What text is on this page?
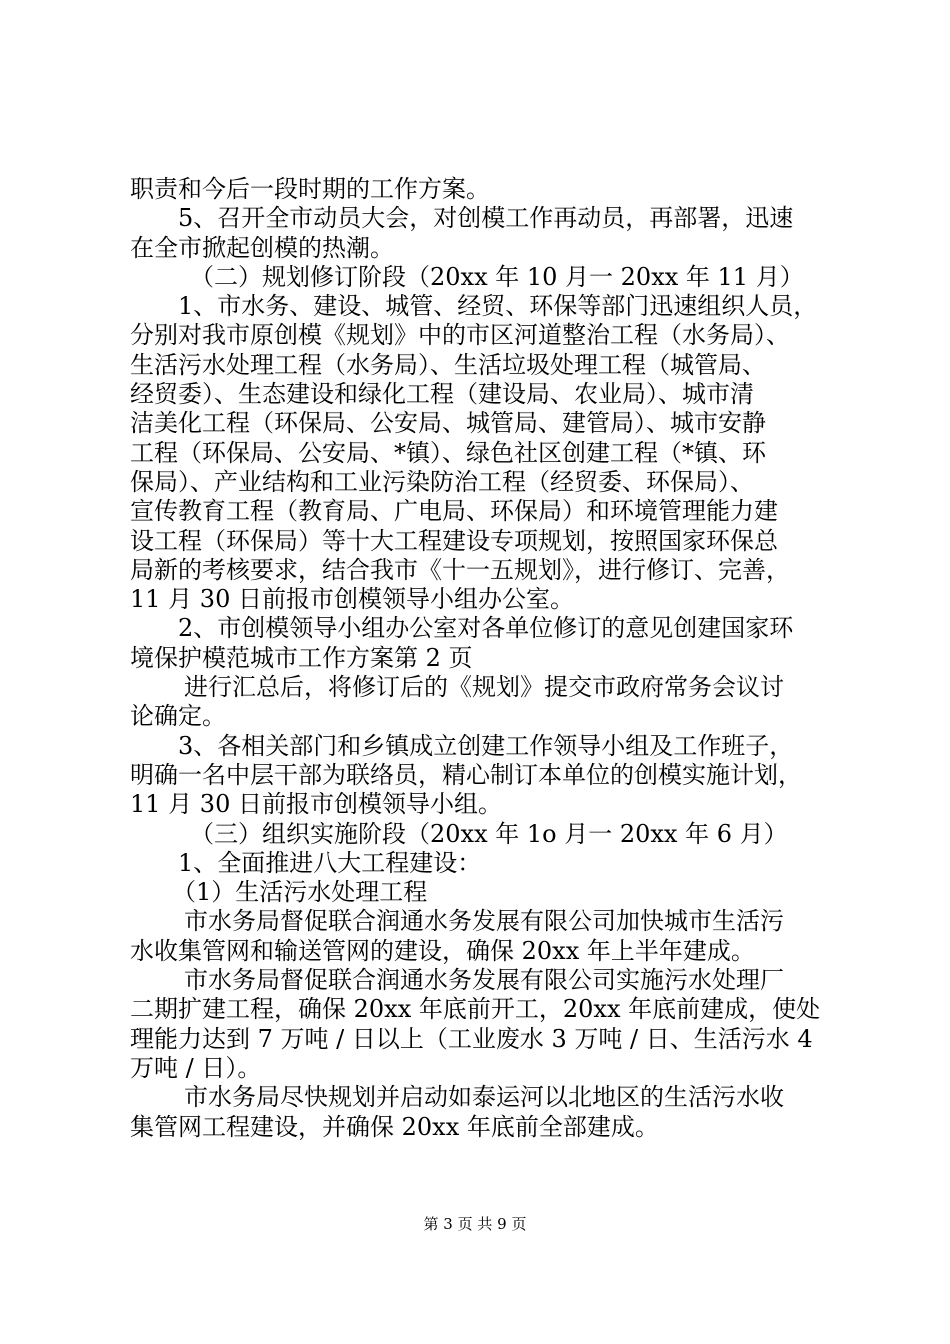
职责和今后一段时期的工作方案。

5、召开全市动员大会，对创模工作再动员，再部署，迅速

在全市掀起创模的热潮。

（二）规划修订阶段（20xx 年 10 月一 20xx 年 11 月）

1、市水务、建设、城管、经贸、环保等部门迅速组织人员，

分别对我市原创模《规划》中的市区河道整治工程（水务局）、

生活污水处理工程（水务局）、生活垃圾处理工程（城管局、

经贸委）、生态建设和绿化工程（建设局、农业局）、城市清

洁美化工程（环保局、公安局、城管局、建管局）、城市安静

工程（环保局、公安局、*镇）、绿色社区创建工程（*镇、环

保局）、产业结构和工业污染防治工程（经贸委、环保局）、

宣传教育工程（教育局、广电局、环保局）和环境管理能力建

设工程（环保局）等十大工程建设专项规划，按照国家环保总

局新的考核要求，结合我市《十一五规划》，进行修订、完善，

11 月 30 日前报市创模领导小组办公室。

2、市创模领导小组办公室对各单位修订的意见创建国家环

境保护模范城市工作方案第 2 页

进行汇总后，将修订后的《规划》提交市政府常务会议讨

论确定。

3、各相关部门和乡镇成立创建工作领导小组及工作班子，

明确一名中层干部为联络员，精心制订本单位的创模实施计划，

11 月 30 日前报市创模领导小组。

（三）组织实施阶段（20xx 年 1o 月一 20xx 年 6 月）

1、全面推进八大工程建设：

（1）生活污水处理工程

市水务局督促联合润通水务发展有限公司加快城市生活污

水收集管网和输送管网的建设，确保 20xx 年上半年建成。

市水务局督促联合润通水务发展有限公司实施污水处理厂

二期扩建工程，确保 20xx 年底前开工，20xx 年底前建成，使处

理能力达到 7 万吨 / 日以上（工业废水 3 万吨 / 日、生活污水 4

万吨 / 日）。

市水务局尽快规划并启动如泰运河以北地区的生活污水收

集管网工程建设，并确保 20xx 年底前全部建成。

第 3 页 共 9 页
